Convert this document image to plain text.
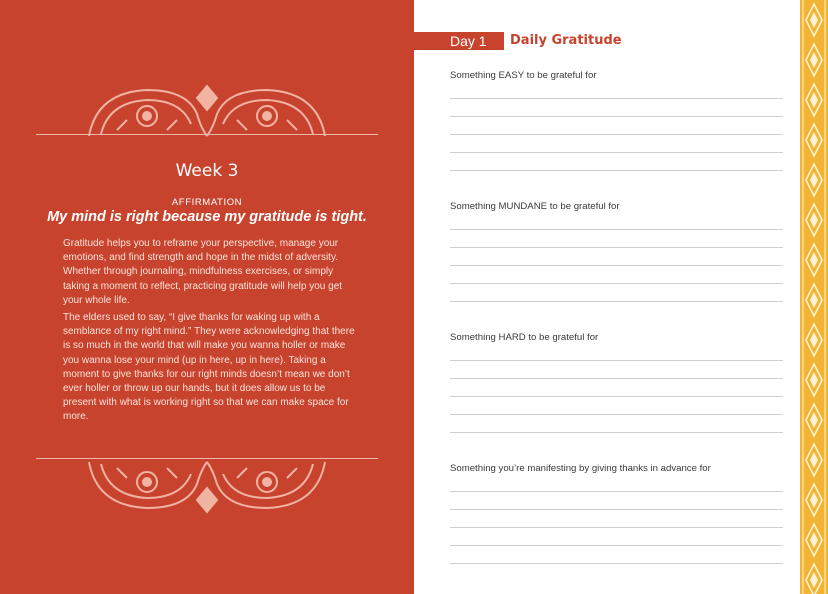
Week 3
AFFIRMATION
My mind is right because my gratitude is tight.
Gratitude helps you to reframe your perspective, manage your emotions, and find strength and hope in the midst of adversity. Whether through journaling, mindfulness exercises, or simply taking a moment to reflect, practicing gratitude will help you get your whole life.
The elders used to say, “I give thanks for waking up with a semblance of my right mind.” They were acknowledging that there is so much in the world that will make you wanna holler or make you wanna lose your mind (up in here, up in here). Taking a moment to give thanks for our right minds doesn’t mean we don’t ever holler or throw up our hands, but it does allow us to be present with what is working right so that we can make space for more.
Day 1	Daily Gratitude
Something EASY to be grateful for
Something MUNDANE to be grateful for
Something HARD to be grateful for
Something you’re manifesting by giving thanks in advance for
